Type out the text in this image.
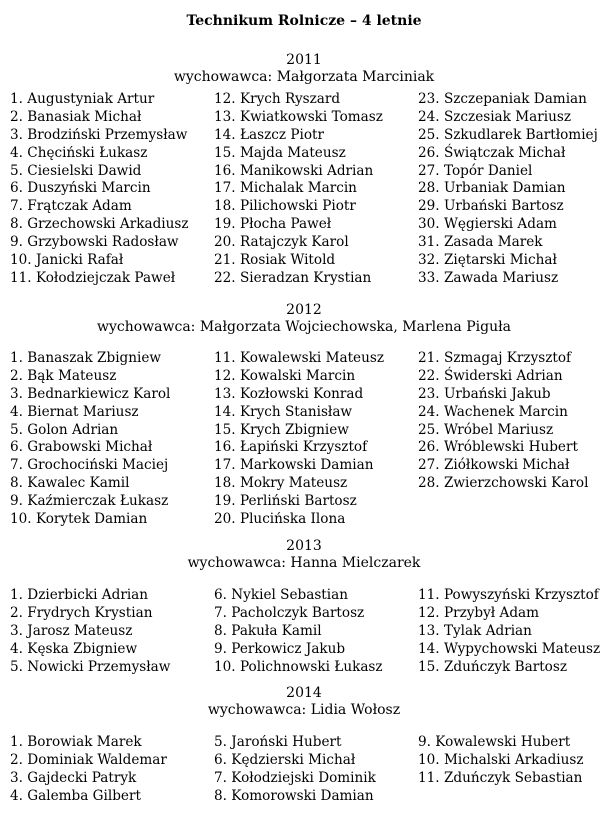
Technikum Rolnicze – 4 letnie
2011
wychowawca: Małgorzata Marciniak
1. Augustyniak Artur
2. Banasiak Michał
3. Brodziński Przemysław
4. Chęciński Łukasz
5. Ciesielski Dawid
6. Duszyński Marcin
7. Frątczak Adam
8. Grzechowski Arkadiusz
9. Grzybowski Radosław
10. Janicki Rafał
11. Kołodziejczak Paweł
12. Krych Ryszard
13. Kwiatkowski Tomasz
14. Łaszcz Piotr
15. Majda Mateusz
16. Manikowski Adrian
17. Michalak Marcin
18. Pilichowski Piotr
19. Płocha Paweł
20. Ratajczyk Karol
21. Rosiak Witold
22. Sieradzan Krystian
23. Szczepaniak Damian
24. Szczesiak Mariusz
25. Szkudlarek Bartłomiej
26. Świątczak Michał
27. Topór Daniel
28. Urbaniak Damian
29. Urbański Bartosz
30. Węgierski Adam
31. Zasada Marek
32. Ziętarski Michał
33. Zawada Mariusz
2012
wychowawca: Małgorzata Wojciechowska, Marlena Piguła
1. Banaszak Zbigniew
2. Bąk Mateusz
3. Bednarkiewicz Karol
4. Biernat Mariusz
5. Golon Adrian
6. Grabowski Michał
7. Grochociński Maciej
8. Kawalec Kamil
9. Kaźmierczak Łukasz
10. Korytek Damian
11. Kowalewski Mateusz
12. Kowalski Marcin
13. Kozłowski Konrad
14. Krych Stanisław
15. Krych Zbigniew
16. Łapiński Krzysztof
17. Markowski Damian
18. Mokry Mateusz
19. Perliński Bartosz
20. Plucińska Ilona
21. Szmagaj Krzysztof
22. Świderski Adrian
23. Urbański Jakub
24. Wachenek Marcin
25. Wróbel Mariusz
26. Wróblewski Hubert
27. Ziółkowski Michał
28. Zwierzchowski Karol
2013
wychowawca: Hanna Mielczarek
1. Dzierbicki Adrian
2. Frydrych Krystian
3. Jarosz Mateusz
4. Kęska Zbigniew
5. Nowicki Przemysław
6. Nykiel Sebastian
7. Pacholczyk Bartosz
8. Pakuła Kamil
9. Perkowicz Jakub
10. Polichnowski Łukasz
11. Powyszyński Krzysztof
12. Przybył Adam
13. Tylak Adrian
14. Wypychowski Mateusz
15. Zduńczyk Bartosz
2014
wychowawca: Lidia Wołosz
1. Borowiak Marek
2. Dominiak Waldemar
3. Gajdecki Patryk
4. Galemba Gilbert
5. Jaroński Hubert
6. Kędzierski Michał
7. Kołodziejski Dominik
8. Komorowski Damian
9. Kowalewski Hubert
10. Michalski Arkadiusz
11. Zduńczyk Sebastian
